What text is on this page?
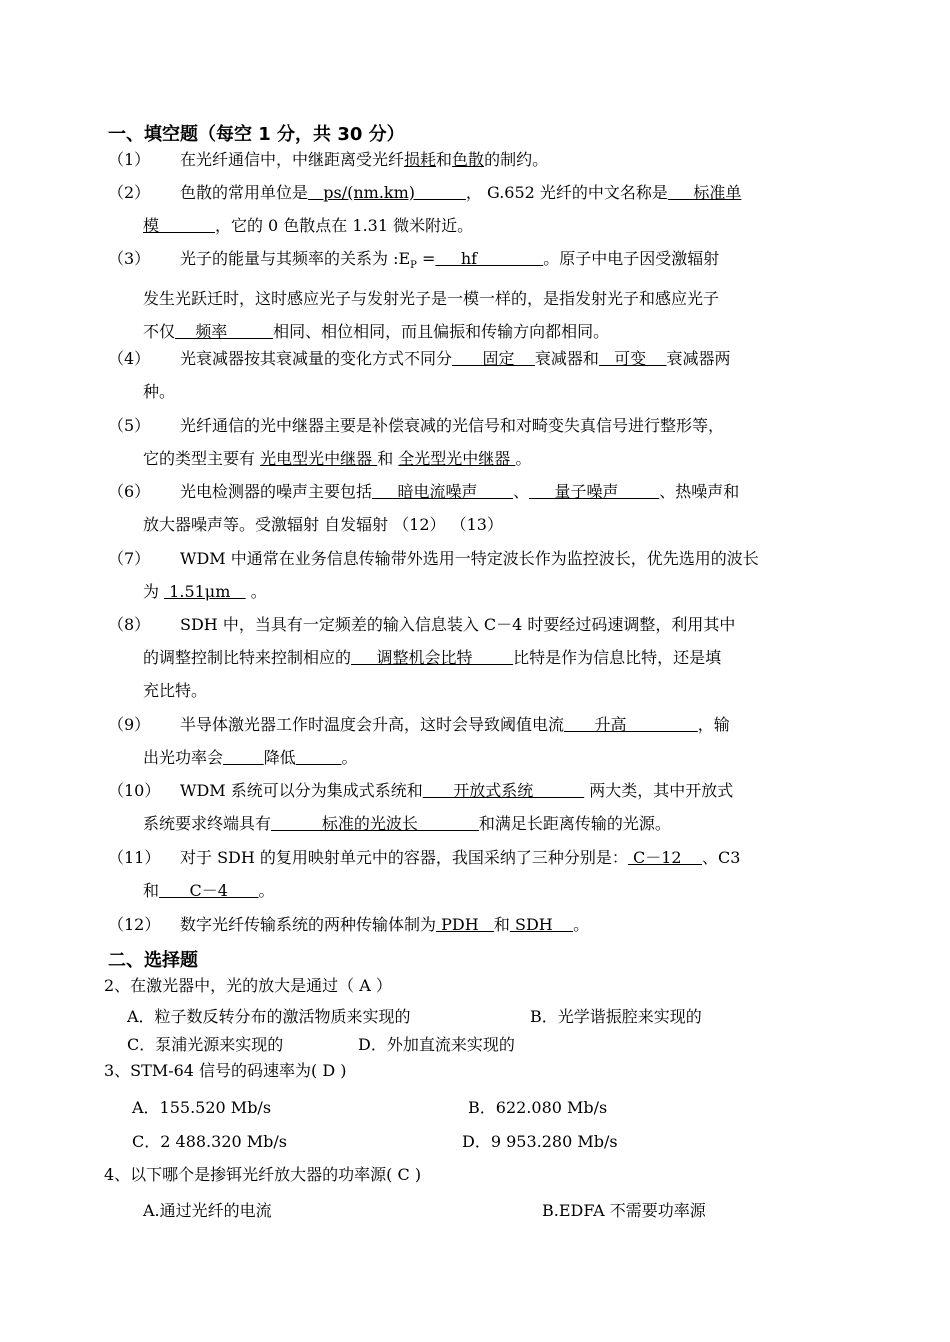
一、填空题（每空 1 分，共 30 分）
（1） 在光纤通信中，中继距离受光纤损耗和色散的制约。
（2） 色散的常用单位是   ps/(nm.km)          ， G.652 光纤的中文名称是     标准单
模           ，它的 0 色散点在 1.31 微米附近。
（3） 光子的能量与其频率的关系为 $:E_P$ =     hf             。原子中电子因受激辐射
发生光跃迁时，这时感应光子与发射光子是一模一样的，是指发射光子和感应光子
不仅    频率         相同、相位相同，而且偏振和传输方向都相同。
（4） 光衰减器按其衰减量的变化方式不同分      固定    衰减器和   可变    衰减器两
种。
（5） 光纤通信的光中继器主要是补偿衰减的光信号和对畸变失真信号进行整形等，
它的类型主要有 光电型光中继器 和 全光型光中继器 。
（6） 光电检测器的噪声主要包括     暗电流噪声       、     量子噪声        、热噪声和
放大器噪声等。受激辐射 自发辐射 （12） （13）
（7） WDM 中通常在业务信息传输带外选用一特定波长作为监控波长，优先选用的波长
为  1.51μm    。
（8） SDH 中，当具有一定频差的输入信息装入 C－4 时要经过码速调整，利用其中
的调整控制比特来控制相应的     调整机会比特        比特是作为信息比特，还是填
充比特。
（9） 半导体激光器工作时温度会升高，这时会导致阈值电流      升高              ，输
出光功率会	降低	。
（10） WDM 系统可以分为集成式系统和      开放式系统           两大类，其中开放式
系统要求终端具有          标准的光波长            和满足长距离传输的光源。
（11） 对于 SDH 的复用映射单元中的容器，我国采纳了三种分别是： C－12    、C3
和      C－4      。
（12） 数字光纤传输系统的两种传输体制为 PDH   和 SDH    。
二、选择题
2、在激光器中，光的放大是通过（ A ）
A．粒子数反转分布的激活物质来实现的	B．光学谐振腔来实现的
C．泵浦光源来实现的	D．外加直流来实现的
3、STM-64 信号的码速率为( D )
A．155.520 Mb/s	B．622.080 Mb/s
C．2 488.320 Mb/s	D．9 953.280 Mb/s
4、以下哪个是掺铒光纤放大器的功率源( C )
A.通过光纤的电流	B.EDFA 不需要功率源
